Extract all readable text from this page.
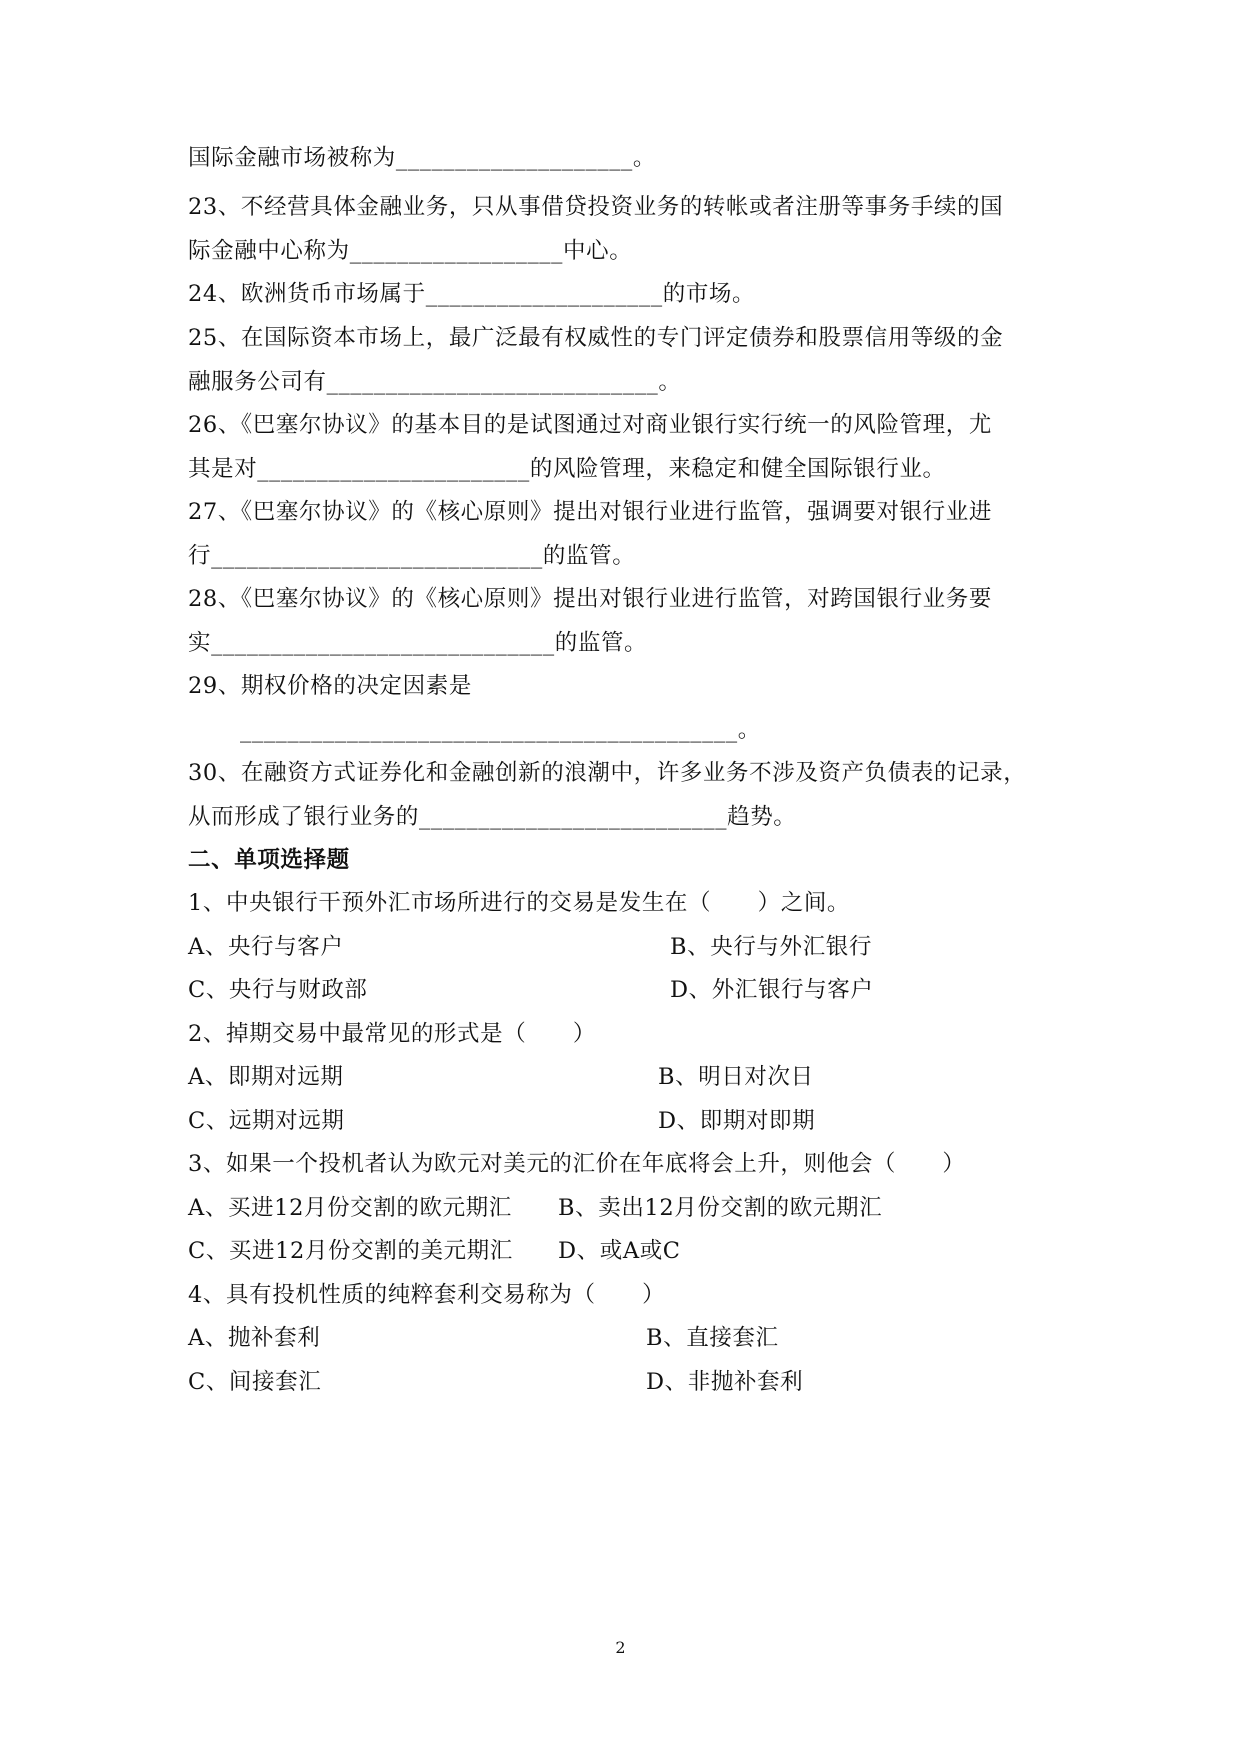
国际金融市场被称为____________________。
23、不经营具体金融业务，只从事借贷投资业务的转帐或者注册等事务手续的国
际金融中心称为__________________中心。
24、欧洲货币市场属于____________________的市场。
25、在国际资本市场上，最广泛最有权威性的专门评定债券和股票信用等级的金
融服务公司有____________________________。
26、《巴塞尔协议》的基本目的是试图通过对商业银行实行统一的风险管理，尤
其是对_______________________的风险管理，来稳定和健全国际银行业。
27、《巴塞尔协议》的《核心原则》提出对银行业进行监管，强调要对银行业进
行____________________________的监管。
28、《巴塞尔协议》的《核心原则》提出对银行业进行监管，对跨国银行业务要
实_____________________________的监管。
29、期权价格的决定因素是
__________________________________________。
30、在融资方式证券化和金融创新的浪潮中，许多业务不涉及资产负债表的记录，
从而形成了银行业务的__________________________趋势。
二、单项选择题
1、中央银行干预外汇市场所进行的交易是发生在（      ）之间。
A、央行与客户	B、央行与外汇银行
C、央行与财政部	D、外汇银行与客户
2、掉期交易中最常见的形式是（      ）
A、即期对远期	B、明日对次日
C、远期对远期	D、即期对即期
3、如果一个投机者认为欧元对美元的汇价在年底将会上升，则他会（      ）
A、买进12月份交割的欧元期汇 B、卖出12月份交割的欧元期汇
C、买进12月份交割的美元期汇 D、或A或C
4、具有投机性质的纯粹套利交易称为（      ）
A、抛补套利	B、直接套汇
C、间接套汇	D、非抛补套利
2
